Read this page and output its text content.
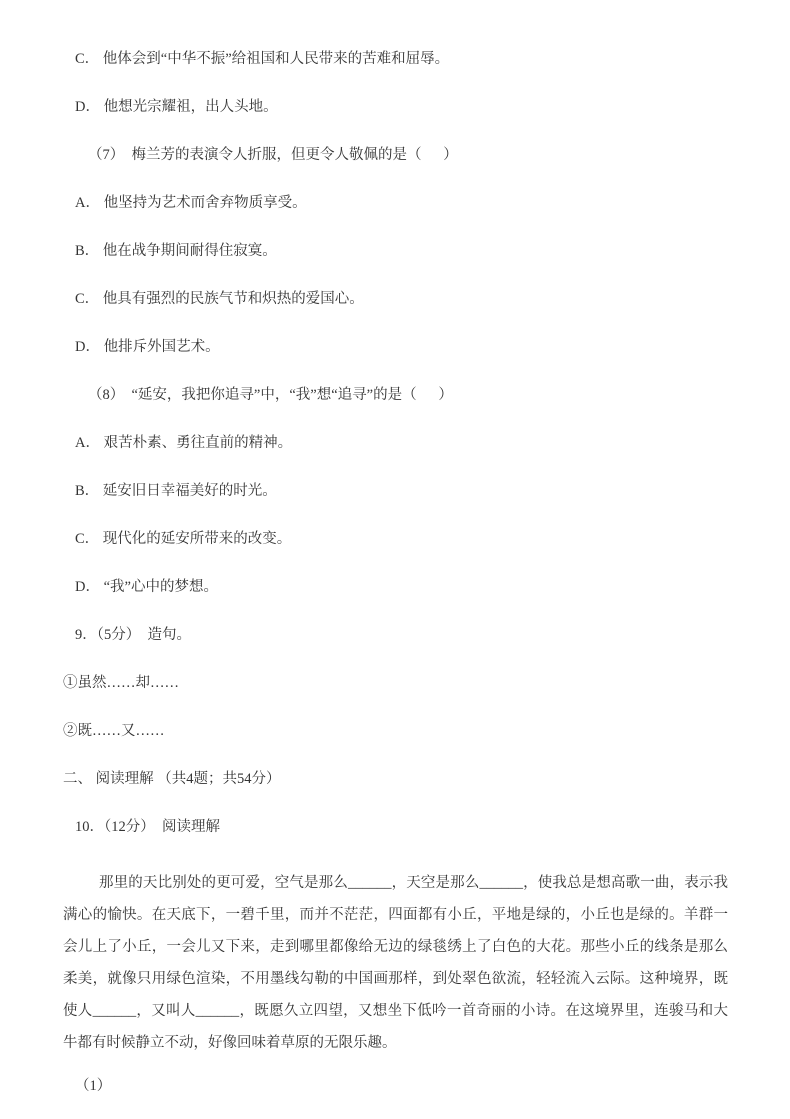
C． 他体会到“中华不振”给祖国和人民带来的苦难和屈辱。
D． 他想光宗耀祖，出人头地。
（7）  梅兰芳的表演令人折服，但更令人敬佩的是（      ）
A． 他坚持为艺术而舍弃物质享受。
B． 他在战争期间耐得住寂寞。
C． 他具有强烈的民族气节和炽热的爱国心。
D． 他排斥外国艺术。
（8）  “延安，我把你追寻”中，“我”想“追寻”的是（      ）
A． 艰苦朴素、勇往直前的精神。
B． 延安旧日幸福美好的时光。
C． 现代化的延安所带来的改变。
D． “我”心中的梦想。
9．（5分）  造句。
①虽然……却……
②既……又……
二、 阅读理解 （共4题；共54分）
10．（12分）  阅读理解
那里的天比别处的更可爱，空气是那么______，天空是那么______，使我总是想高歌一曲，表示我满心的愉快。在天底下，一碧千里，而并不茫茫，四面都有小丘，平地是绿的，小丘也是绿的。羊群一会儿上了小丘，一会儿又下来，走到哪里都像给无边的绿毯绣上了白色的大花。那些小丘的线条是那么柔美，就像只用绿色渲染，不用墨线勾勒的中国画那样，到处翠色欲流，轻轻流入云际。这种境界，既使人______，又叫人______，既愿久立四望，又想坐下低吟一首奇丽的小诗。在这境界里，连骏马和大牛都有时候静立不动，好像回味着草原的无限乐趣。
（1）
